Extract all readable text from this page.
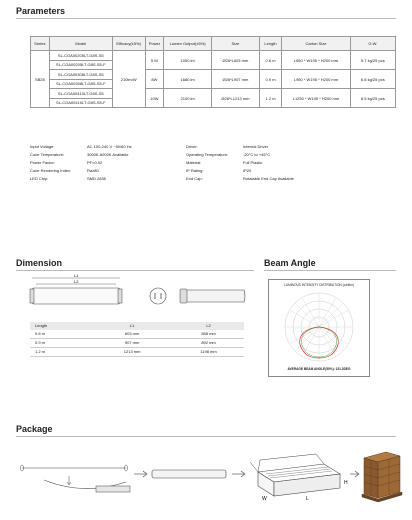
Parameters
Series	Model	Efficacy(±5%)	Power	Lumen Output(±5%)	Size	Length	Carton Size	G.W.
SB28	SL-CGA00205LT-G8S-S5	210lm/W	5 W	1050 lm	Ø26*L603 mm	0.6 m	L650 * W195 * H200 mm	5.7 kg/25 pcs
	SL-CGA00205LT-G8S-S5-F							
	SL-CGA00308LT-G8S-S5		8W	1680 lm	Ø26*L907 mm	0.9 m	L950 * W195 * H200 mm	6.8 kg/25 pcs
	SL-CGA00308LT-G8S-S5-F							
	SL-CGA00410LT-G8S-S5		10W	2100 lm	Ø26*L1213 mm	1.2 m	L1250 * W195 * H200 mm	8.5 kg/25 pcs
	SL-CGA00410LT-G8S-S5-F							
Input Voltage:	AC 100-240 V ~50/60 Hz
Color Temperature:	3000K-6000K Available
Power Factor:	PF>0.92
Color Rendering Index:	Ra≥80
LED Chip:	SMD 2835
Driver:	Internal Driver
Operating Temperature:	-20°C to +45°C
Material:	Full Plastic
IP Rating:	IP20
End Cap:	Rotatable End Cap Available
Dimension
L1
L2
Length	L1	L2
0.6 m	603 mm	588 mm
0.9 m	907 mm	892 mm
1.2 m	1213 mm	1198 mm
Beam Angle
LUMINOUS INTENSITY DISTRIBUTION (cd/klm)
AVERAGE BEAM ANGLE(50%): 131.2DEG
Package
W	L
H
